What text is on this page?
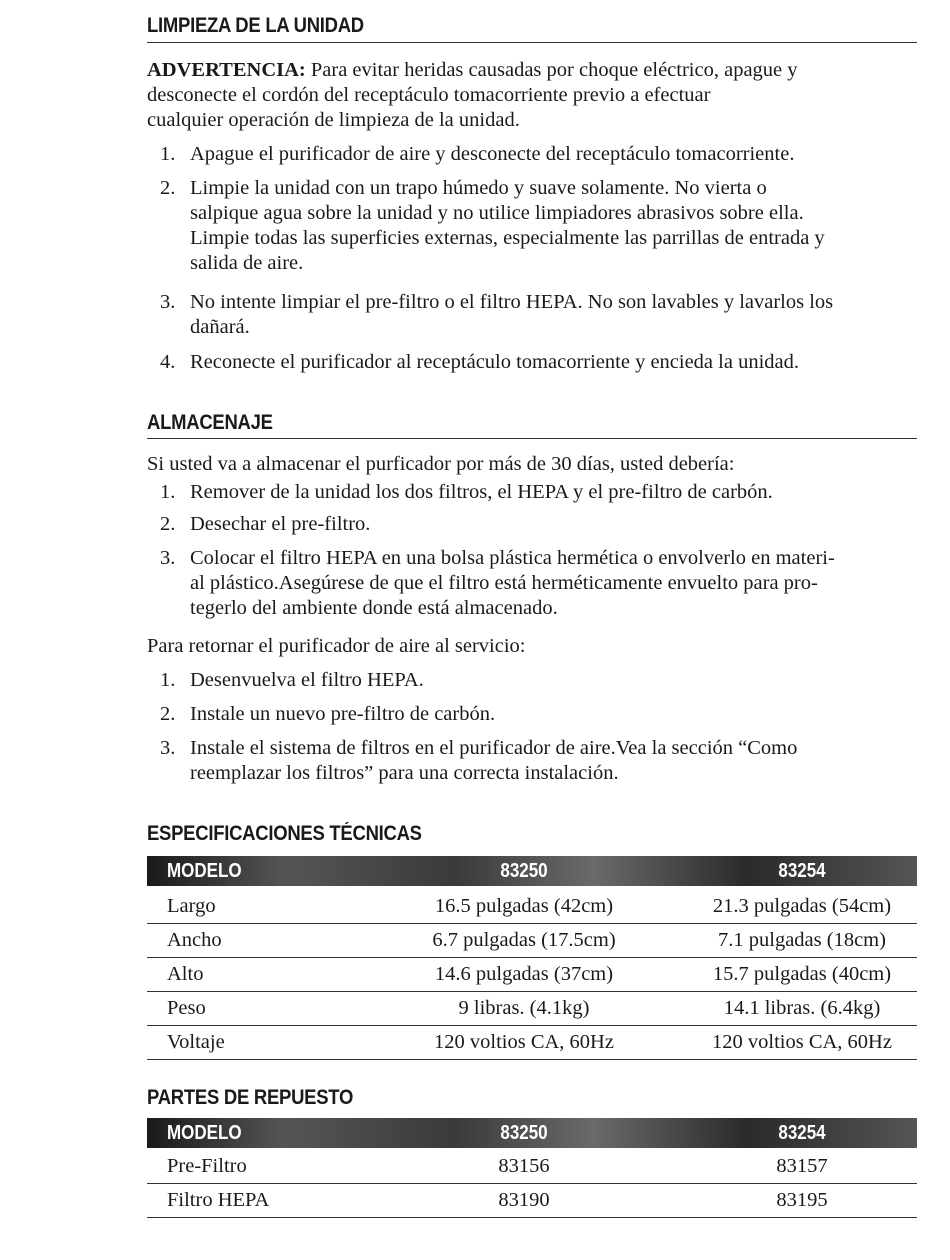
LIMPIEZA DE LA UNIDAD
ADVERTENCIA: Para evitar heridas causadas por choque eléctrico, apague y
desconecte el cordón del receptáculo tomacorriente previo a efectuar
cualquier operación de limpieza de la unidad.
1. Apague el purificador de aire y desconecte del receptáculo tomacorriente.
2. Limpie la unidad con un trapo húmedo y suave solamente. No vierta o
salpique agua sobre la unidad y no utilice limpiadores abrasivos sobre ella.
Limpie todas las superficies externas, especialmente las parrillas de entrada y
salida de aire.
3. No intente limpiar el pre-filtro o el filtro HEPA. No son lavables y lavarlos los
dañará.
4. Reconecte el purificador al receptáculo tomacorriente y encieda la unidad.
ALMACENAJE
Si usted va a almacenar el purficador por más de 30 días, usted debería:
1. Remover de la unidad los dos filtros, el HEPA y el pre-filtro de carbón.
2. Desechar el pre-filtro.
3. Colocar el filtro HEPA en una bolsa plástica hermética o envolverlo en materi-
al plástico.Asegúrese de que el filtro está herméticamente envuelto para pro-
tegerlo del ambiente donde está almacenado.
Para retornar el purificador de aire al servicio:
1. Desenvuelva el filtro HEPA.
2. Instale un nuevo pre-filtro de carbón.
3. Instale el sistema de filtros en el purificador de aire.Vea la sección “Como
reemplazar los filtros” para una correcta instalación.
ESPECIFICACIONES TÉCNICAS
MODELO	83250	83254
Largo	16.5 pulgadas (42cm)	21.3 pulgadas (54cm)
Ancho	6.7 pulgadas (17.5cm)	7.1 pulgadas (18cm)
Alto	14.6 pulgadas (37cm)	15.7 pulgadas (40cm)
Peso	9 libras. (4.1kg)	14.1 libras. (6.4kg)
Voltaje	120 voltios CA, 60Hz	120 voltios CA, 60Hz
PARTES DE REPUESTO
MODELO	83250	83254
Pre-Filtro	83156	83157
Filtro HEPA	83190	83195
